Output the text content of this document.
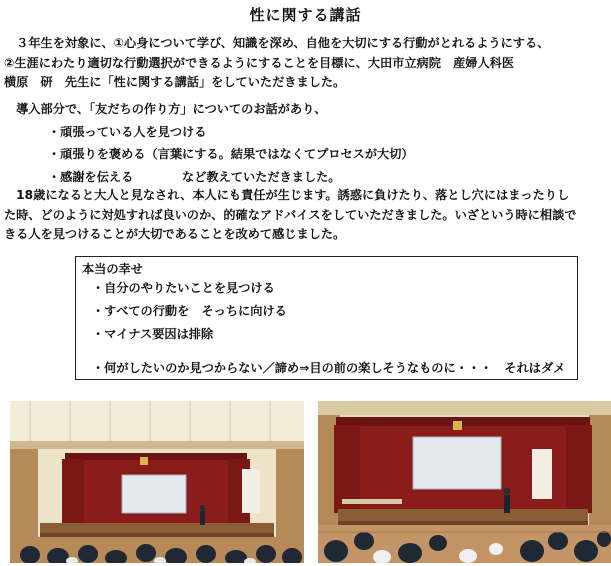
性に関する講話
　３年生を対象に、①心身について学び、知識を深め、自他を大切にする行動がとれるようにする、
②生涯にわたり適切な行動選択ができるようにすることを目標に、大田市立病院　産婦人科医
横原　研　先生に「性に関する講話」をしていただきました。
　導入部分で、「友だちの作り方」についてのお話があり、
・頑張っている人を見つける
・頑張りを褒める（言葉にする。結果ではなくてプロセスが大切）
・感謝を伝える　　　　など教えていただきました。
　18歳になると大人と見なされ、本人にも責任が生じます。誘惑に負けたり、落とし穴にはまったりし
た時、どのように対処すれば良いのか、的確なアドバイスをしていただきました。いざという時に相談で
きる人を見つけることが大切であることを改めて感じました。
本当の幸せ
・自分のやりたいことを見つける
・すべての行動を　そっちに向ける
・マイナス要因は排除
・何がしたいのか見つからない／諦め⇒目の前の楽しそうなものに・・・　それはダメ
